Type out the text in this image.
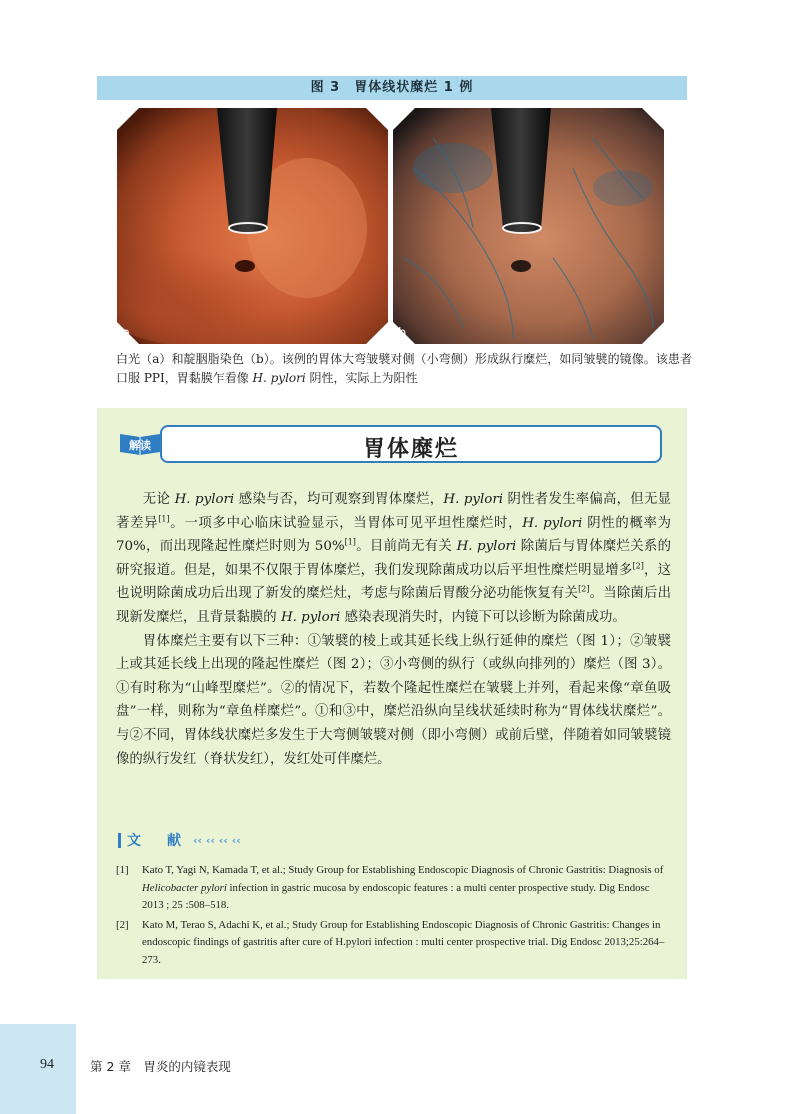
图 3　胃体线状糜烂 1 例
a	b
白光（a）和靛胭脂染色（b）。该例的胃体大弯皱襞对侧（小弯侧）形成纵行糜烂，如同皱襞的镜像。该患者口服 PPI，胃黏膜乍看像 H. pylori 阴性，实际上为阳性
解读	胃体糜烂

无论 H. pylori 感染与否，均可观察到胃体糜烂，H. pylori 阴性者发生率偏高，但无显著差异[1]。一项多中心临床试验显示，当胃体可见平坦性糜烂时，H. pylori 阴性的概率为 70%，而出现隆起性糜烂时则为 50%[1]。目前尚无有关 H. pylori 除菌后与胃体糜烂关系的研究报道。但是，如果不仅限于胃体糜烂，我们发现除菌成功以后平坦性糜烂明显增多[2]，这也说明除菌成功后出现了新发的糜烂灶，考虑与除菌后胃酸分泌功能恢复有关[2]。当除菌后出现新发糜烂，且背景黏膜的 H. pylori 感染表现消失时，内镜下可以诊断为除菌成功。

胃体糜烂主要有以下三种：①皱襞的棱上或其延长线上纵行延伸的糜烂（图 1）；②皱襞上或其延长线上出现的隆起性糜烂（图 2）；③小弯侧的纵行（或纵向排列的）糜烂（图 3）。①有时称为“山峰型糜烂”。②的情况下，若数个隆起性糜烂在皱襞上并列，看起来像“章鱼吸盘”一样，则称为“章鱼样糜烂”。①和③中，糜烂沿纵向呈线状延续时称为“胃体线状糜烂”。与②不同，胃体线状糜烂多发生于大弯侧皱襞对侧（即小弯侧）或前后壁，伴随着如同皱襞镜像的纵行发红（脊状发红），发红处可伴糜烂。

文　献 ‹‹ ‹‹ ‹‹ ‹‹
[1]	Kato T, Yagi N, Kamada T, et al.; Study Group for Establishing Endoscopic Diagnosis of Chronic Gastritis: Diagnosis of Helicobacter pylori infection in gastric mucosa by endoscopic features : a multi center prospective study. Dig Endosc 2013 ; 25 :508–518.
[2]	Kato M, Terao S, Adachi K, et al.; Study Group for Establishing Endoscopic Diagnosis of Chronic Gastritis: Changes in endoscopic findings of gastritis after cure of H.pylori infection : multi center prospective trial. Dig Endosc 2013;25:264–273.
94	第 2 章　胃炎的内镜表现
